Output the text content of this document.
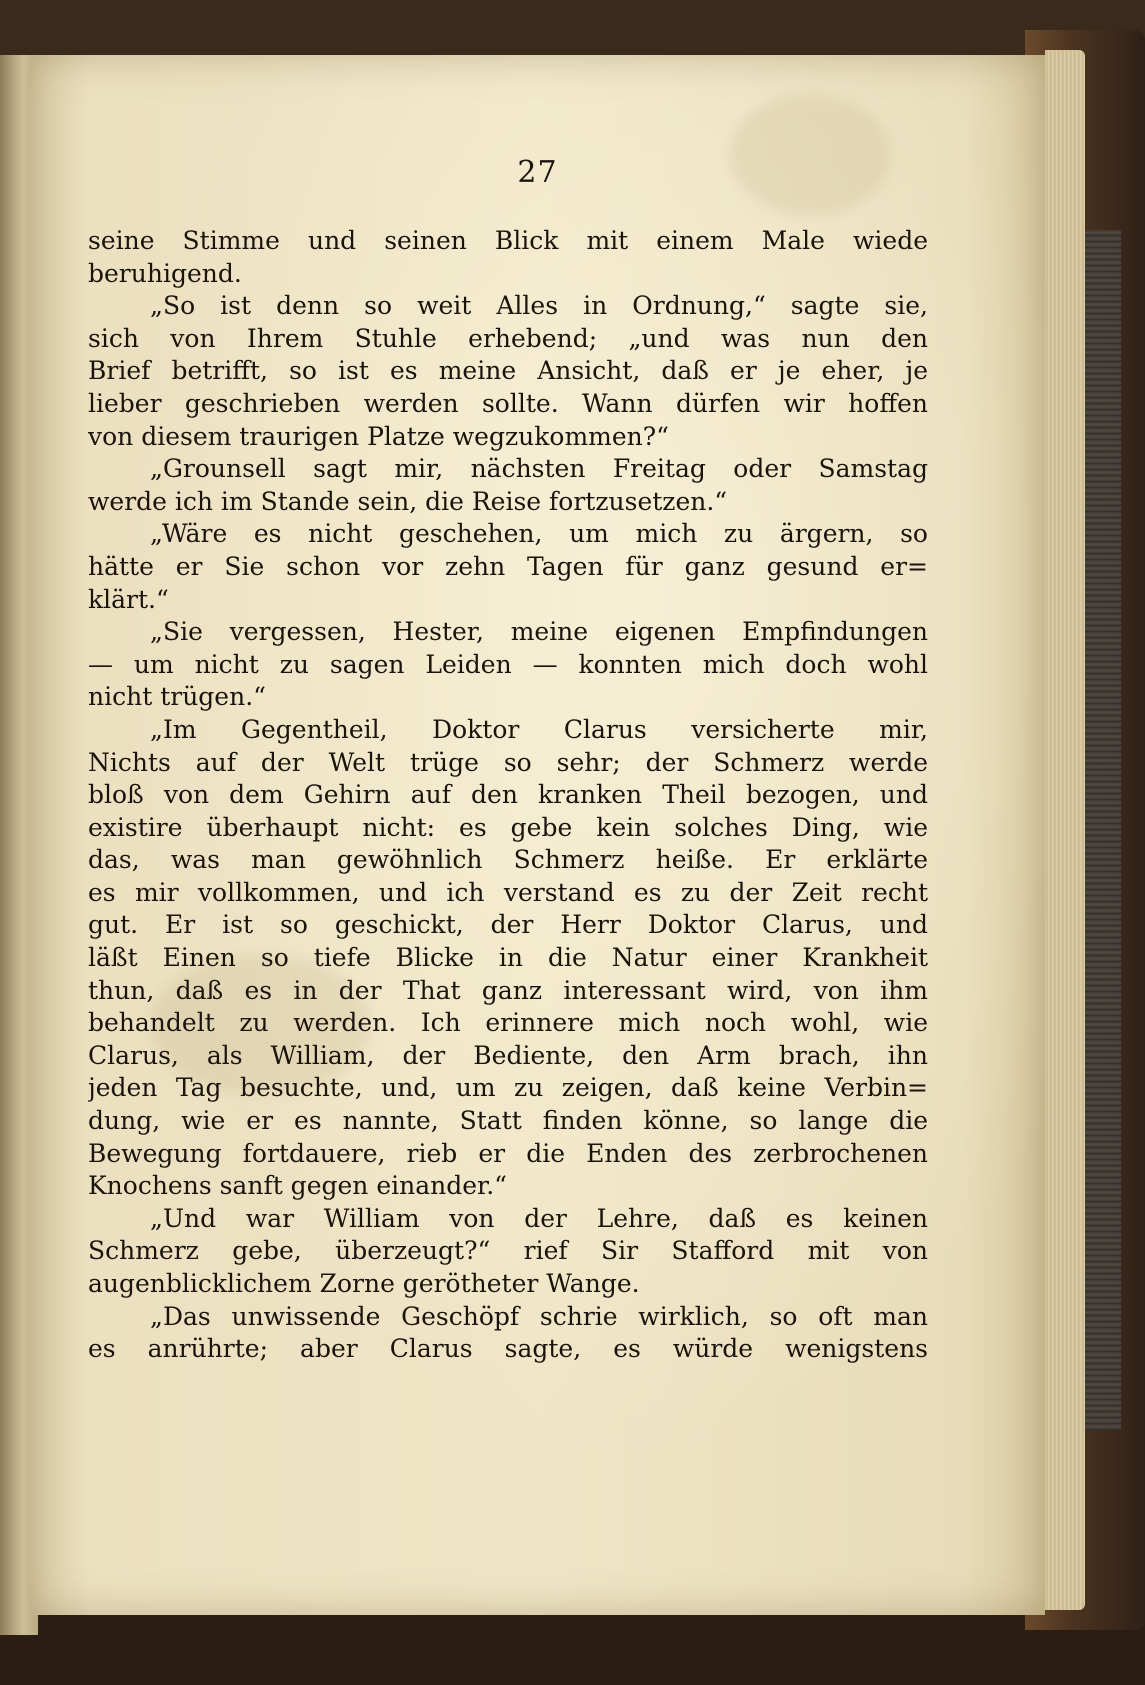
27
seine Stimme und seinen Blick mit einem Male wiede
beruhigend.
„So ist denn so weit Alles in Ordnung,“ sagte sie,
sich von Ihrem Stuhle erhebend; „und was nun den
Brief betrifft, so ist es meine Ansicht, daß er je eher, je
lieber geschrieben werden sollte. Wann dürfen wir hoffen
von diesem traurigen Platze wegzukommen?“
„Grounsell sagt mir, nächsten Freitag oder Samstag
werde ich im Stande sein, die Reise fortzusetzen.“
„Wäre es nicht geschehen, um mich zu ärgern, so
hätte er Sie schon vor zehn Tagen für ganz gesund er=
klärt.“
„Sie vergessen, Hester, meine eigenen Empfindungen
— um nicht zu sagen Leiden — konnten mich doch wohl
nicht trügen.“
„Im Gegentheil, Doktor Clarus versicherte mir,
Nichts auf der Welt trüge so sehr; der Schmerz werde
bloß von dem Gehirn auf den kranken Theil bezogen, und
existire überhaupt nicht: es gebe kein solches Ding, wie
das, was man gewöhnlich Schmerz heiße. Er erklärte
es mir vollkommen, und ich verstand es zu der Zeit recht
gut. Er ist so geschickt, der Herr Doktor Clarus, und
läßt Einen so tiefe Blicke in die Natur einer Krankheit
thun, daß es in der That ganz interessant wird, von ihm
behandelt zu werden. Ich erinnere mich noch wohl, wie
Clarus, als William, der Bediente, den Arm brach, ihn
jeden Tag besuchte, und, um zu zeigen, daß keine Verbin=
dung, wie er es nannte, Statt finden könne, so lange die
Bewegung fortdauere, rieb er die Enden des zerbrochenen
Knochens sanft gegen einander.“
„Und war William von der Lehre, daß es keinen
Schmerz gebe, überzeugt?“ rief Sir Stafford mit von
augenblicklichem Zorne gerötheter Wange.
„Das unwissende Geschöpf schrie wirklich, so oft man
es anrührte; aber Clarus sagte, es würde wenigstens
